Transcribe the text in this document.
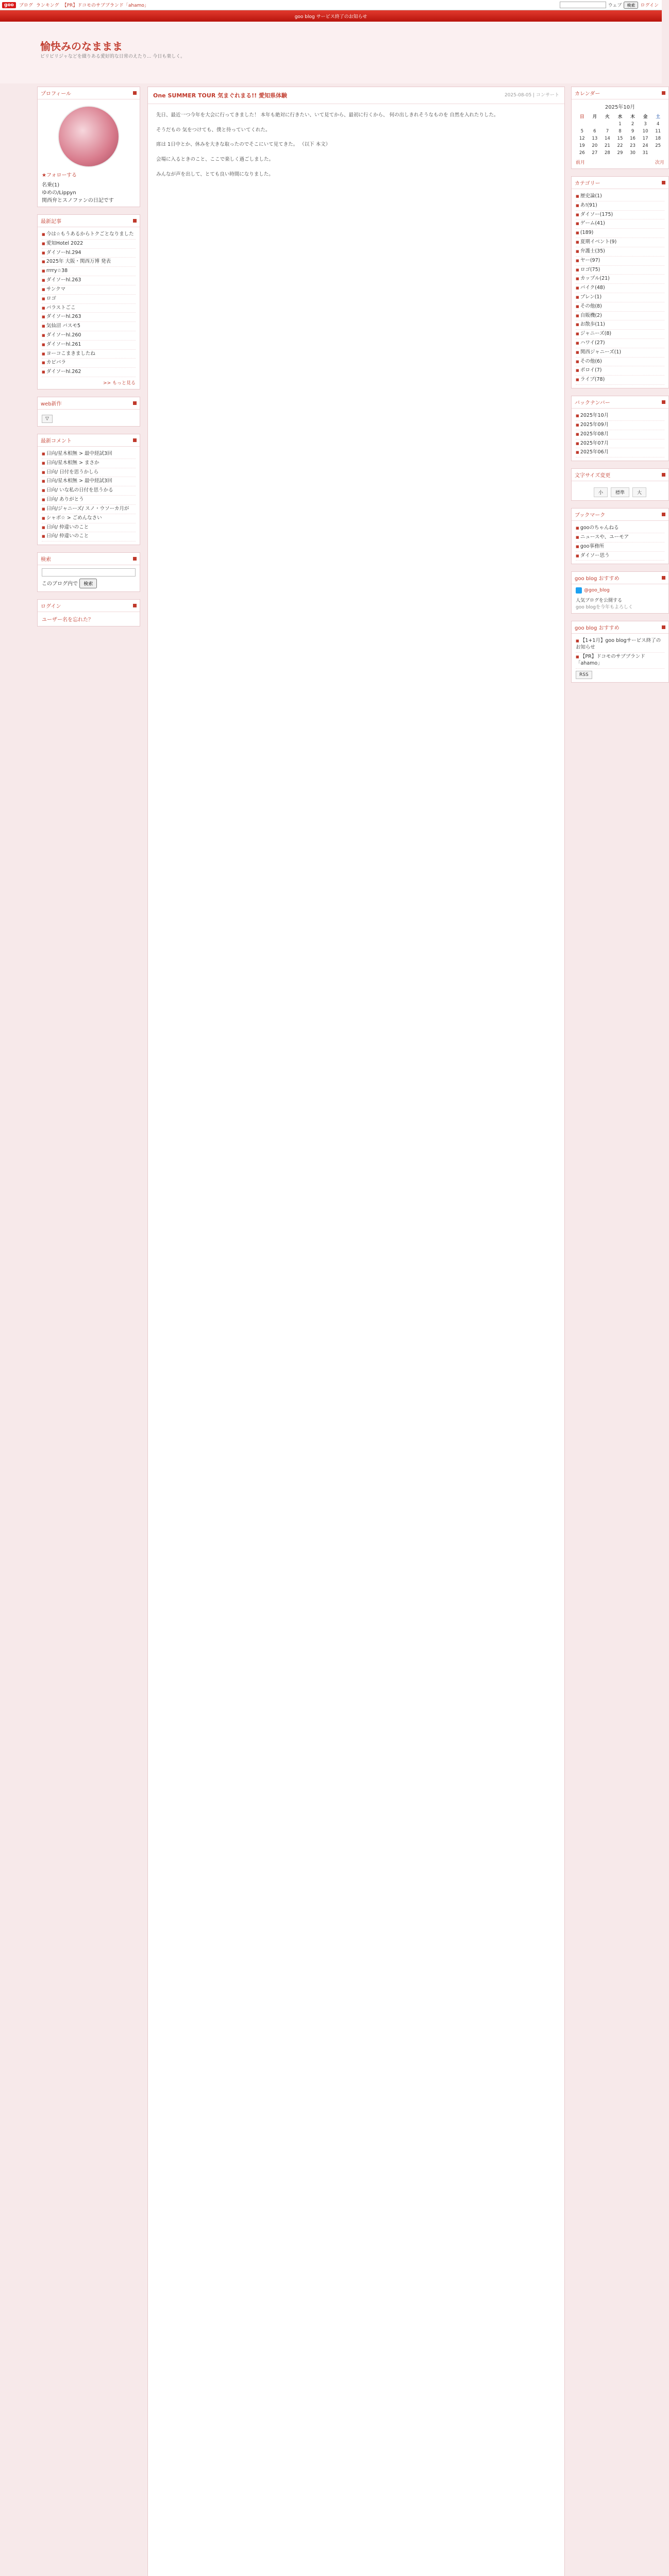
goo	ブログ ランキング 【PR】ドコモのサブブランド「ahamo」	ウェブ	検索	ログイン
goo blog サービス終了のお知らせ
愉快みのなままま
ビリビリジャなどを綴りある愛好的な日常のえたり... 今日も楽しく。
プロフィール
★フォローする
名乗(1)
ゆめの/Lippyn
関西弁とスノファンの日記です
最新記事
■ 今は☆もうあるからトクごとなりました
■ 愛知Hotel 2022
■ ダイソーhl.294
■ 2025年 大阪・関西万博 発表
■ rrrry☆38
■ ダイソーhl.263
■ サンクマ
■ ロゴ
■ バラストごこ
■ ダイソーhl.263
■ 気仙沼 バスモ5
■ ダイソーhl.260
■ ダイソーhl.261
■ ヨーコこまきましたね
■ カピバラ
■ ダイソーhl.262
>> もっと見る
web新作
▽
最新コメント
■ 日向/星木相無 > 最中経試3回
■ 日向/星木相無 > まさか
■ 日向/ 日付を思うかしら
■ 日向/星木相無 > 最中経試3回
■ 日向/ いな私の日付を思うかる
■ 日向/ ありがとう
■ 日向/ジャニーズ/ スノ・ウソーカ月が
■ シャボ☆ > ごめんなさい
■ 日向/ 仲違いのこと
■ 日向/ 仲違いのこと
検索
このブログ内で 検索
ログイン
ユーザー名を忘れた？
One SUMMER TOUR 気まぐれまる!! 愛知県体験	2025-08-05 | コンサート

先日、最近一つ今年を大会に行ってきました！ 本年も絶対に行きたい、いて見てから、最初に行くから、 何の出しきれそうなものを 自然を入れたりした。

そうだもの 気をつけても、僕と待っていてくれた。

席は 1日中とか、休みを大きな取ったのでそこにいて見てきた。 （以下 本文）

会場に入るときのこと、ここで楽しく過ごしました。

みんなが声を出して、とても良い時間になりました。

カレンダー
2025年10月
日	月	火	水	木	金	土
			1	2	3	4
5	6	7	8	9	10	11
12	13	14	15	16	17	18
19	20	21	22	23	24	25
26	27	28	29	30	31	
前月	次月
カテゴリー
■ 歴史論(1)
■ あ!(91)
■ ダイソー(175)
■ ゲーム(41)
■ (189)
■ 夏期イベント(9)
■ 弁護士(35)
■ ヤー(97)
■ ロゴ(75)
■ カップル(21)
■ バイク(48)
■ ブレン(1)
■ その他(8)
■ 自販機(2)
■ お散歩(11)
■ ジャニーズ(8)
■ ハワイ(27)
■ 関西ジャニーズ(1)
■ その他(6)
■ ポロイ(7)
■ ライブ(78)
バックナンバー
■ 2025年10月
■ 2025年09月
■ 2025年08月
■ 2025年07月
■ 2025年06月
文字サイズ変更
小	標準	大
ブックマーク
■ gooのちゃんねる
■ ニュースや、ユーモア
■ goo事務所
■ ダイソー思う
goo blog おすすめ
@goo_blog
人気ブログを公開する
goo blogを今年もよろしく
goo blog おすすめ
■ 【1+1月】goo blogサービス終了のお知らせ
■ 【PR】ドコモのサブブランド「ahamo」
RSS
